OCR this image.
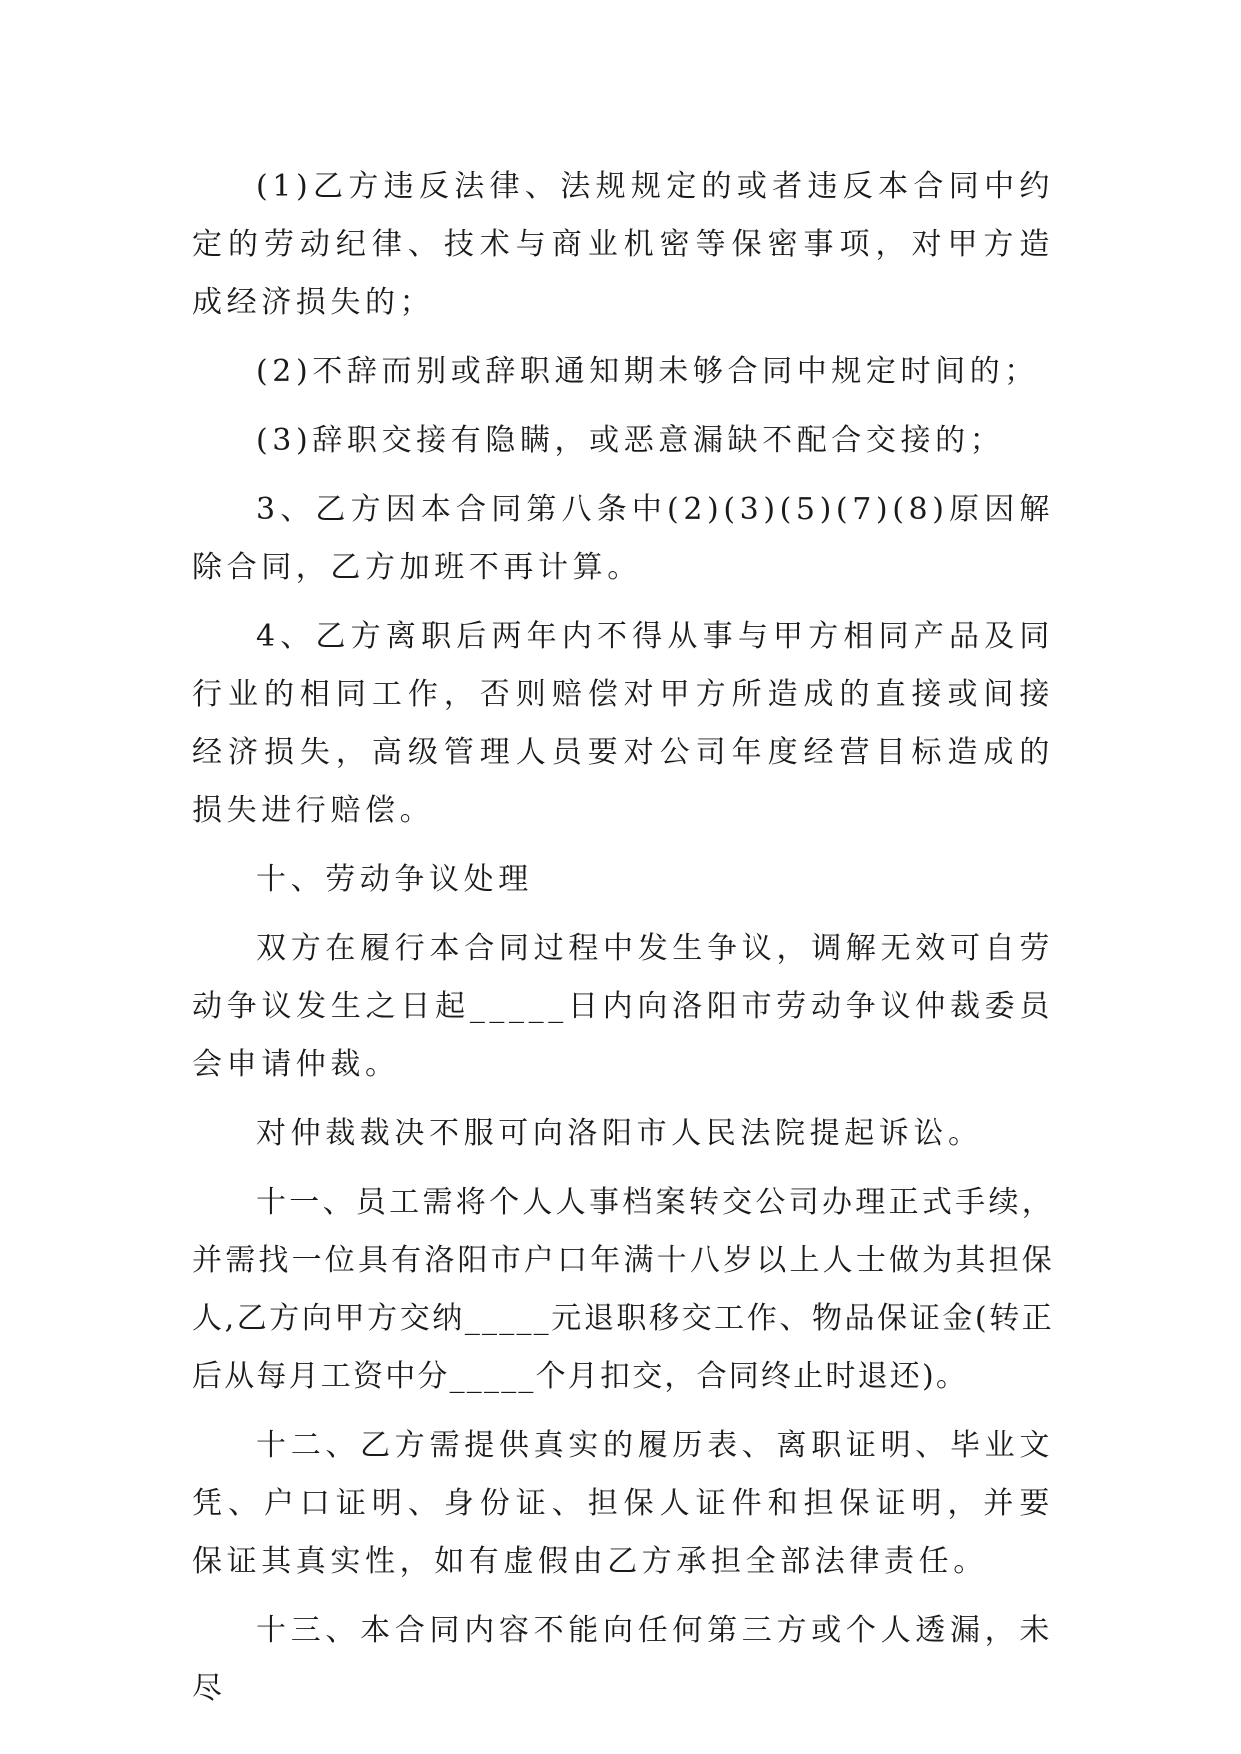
(1)乙方违反法律、法规规定的或者违反本合同中约定的劳动纪律、技术与商业机密等保密事项，对甲方造成经济损失的；

(2)不辞而别或辞职通知期未够合同中规定时间的；

(3)辞职交接有隐瞒，或恶意漏缺不配合交接的；

3、乙方因本合同第八条中(2)(3)(5)(7)(8)原因解除合同，乙方加班不再计算。

4、乙方离职后两年内不得从事与甲方相同产品及同行业的相同工作，否则赔偿对甲方所造成的直接或间接经济损失，高级管理人员要对公司年度经营目标造成的损失进行赔偿。

十、劳动争议处理

双方在履行本合同过程中发生争议，调解无效可自劳动争议发生之日起_____日内向洛阳市劳动争议仲裁委员会申请仲裁。

对仲裁裁决不服可向洛阳市人民法院提起诉讼。

十一、员工需将个人人事档案转交公司办理正式手续，并需找一位具有洛阳市户口年满十八岁以上人士做为其担保人,乙方向甲方交纳_____元退职移交工作、物品保证金(转正后从每月工资中分_____个月扣交，合同终止时退还)。

十二、乙方需提供真实的履历表、离职证明、毕业文凭、户口证明、身份证、担保人证件和担保证明，并要保证其真实性，如有虚假由乙方承担全部法律责任。

十三、本合同内容不能向任何第三方或个人透漏，未尽
